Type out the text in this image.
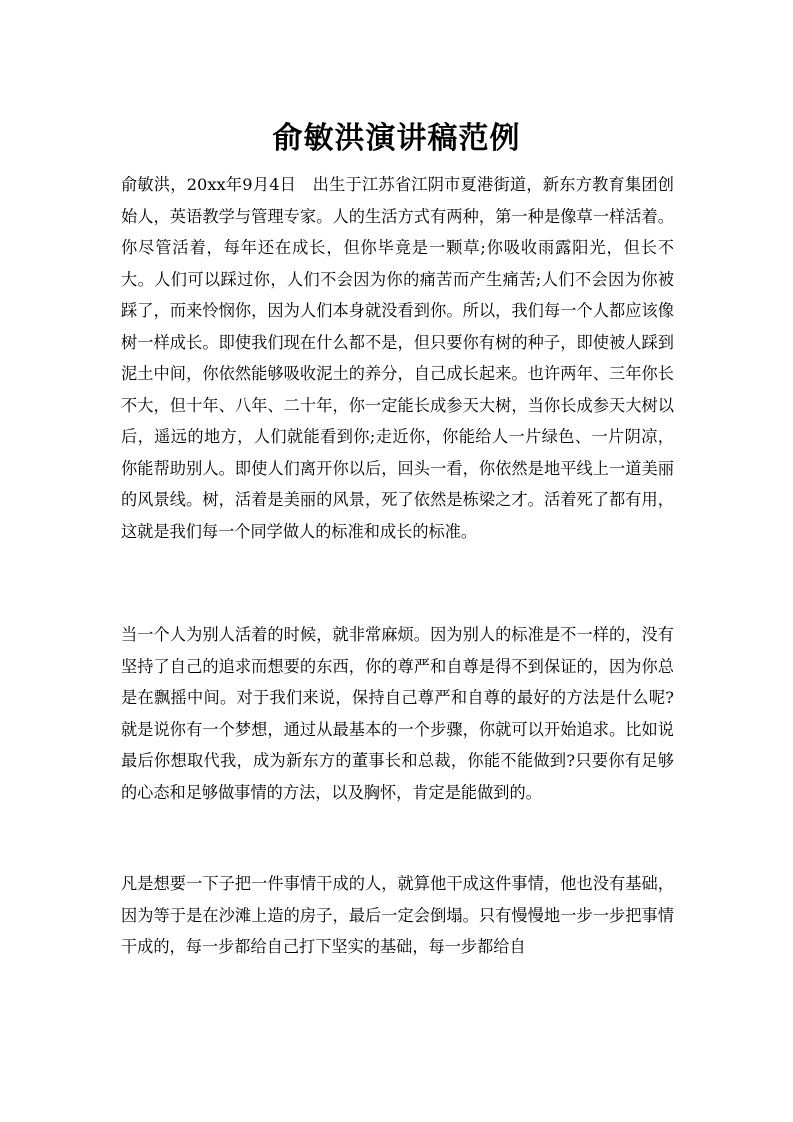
俞敏洪演讲稿范例

俞敏洪，20xx年9月4日　出生于江苏省江阴市夏港街道，新东方教育集团创始人，英语教学与管理专家。人的生活方式有两种，第一种是像草一样活着。你尽管活着，每年还在成长，但你毕竟是一颗草;你吸收雨露阳光，但长不大。人们可以踩过你，人们不会因为你的痛苦而产生痛苦;人们不会因为你被踩了，而来怜悯你，因为人们本身就没看到你。所以，我们每一个人都应该像树一样成长。即使我们现在什么都不是，但只要你有树的种子，即使被人踩到泥土中间，你依然能够吸收泥土的养分，自己成长起来。也许两年、三年你长不大，但十年、八年、二十年，你一定能长成参天大树，当你长成参天大树以后，遥远的地方，人们就能看到你;走近你，你能给人一片绿色、一片阴凉，你能帮助别人。即使人们离开你以后，回头一看，你依然是地平线上一道美丽的风景线。树，活着是美丽的风景，死了依然是栋梁之才。活着死了都有用，这就是我们每一个同学做人的标准和成长的标准。

当一个人为别人活着的时候，就非常麻烦。因为别人的标准是不一样的，没有坚持了自己的追求而想要的东西，你的尊严和自尊是得不到保证的，因为你总是在飘摇中间。对于我们来说，保持自己尊严和自尊的最好的方法是什么呢?就是说你有一个梦想，通过从最基本的一个步骤，你就可以开始追求。比如说最后你想取代我，成为新东方的董事长和总裁，你能不能做到?只要你有足够的心态和足够做事情的方法，以及胸怀，肯定是能做到的。

凡是想要一下子把一件事情干成的人，就算他干成这件事情，他也没有基础，因为等于是在沙滩上造的房子，最后一定会倒塌。只有慢慢地一步一步把事情干成的，每一步都给自己打下坚实的基础，每一步都给自
